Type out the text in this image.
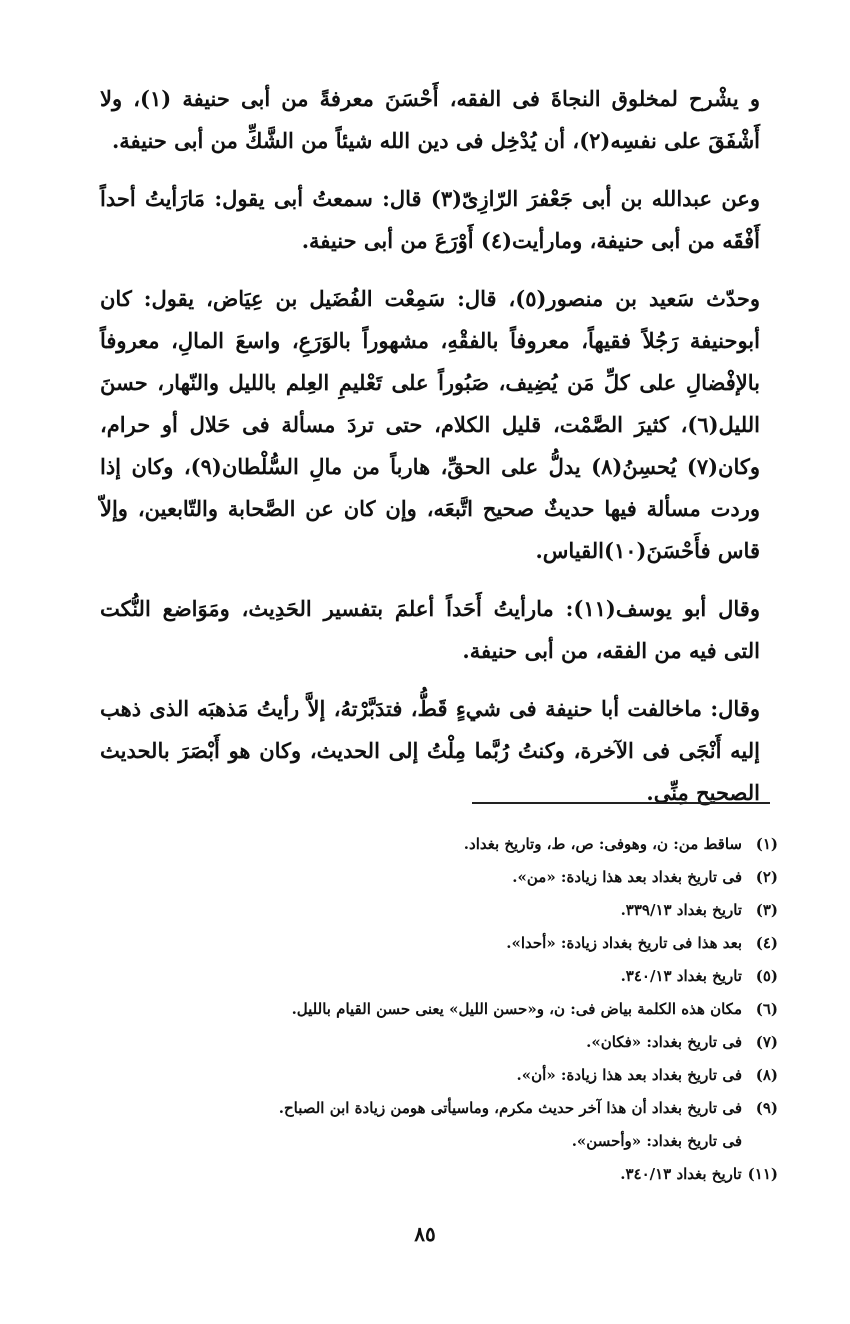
و يشْرح لمخلوق النجاةَ فى الفقه، أَحْسَنَ معرفةً من أبى حنيفة (١)، ولا أَشْفَقَ على نفسِه(٢)، أن يُدْخِل فى دين الله شيئاً من الشَّكِّ من أبى حنيفة.

وعن عبدالله بن أبى جَعْفرَ الرّازِىّ(٣) قال: سمعتُ أبى يقول: مَارَأيتُ أحداً أَفْقَه من أبى حنيفة، ومارأيت(٤) أَوْرَعَ من أبى حنيفة.

وحدّث سَعيد بن منصور(٥)، قال: سَمِعْت الفُضَيل بن عِيَاض، يقول: كان أبوحنيفة رَجُلاً فقيهاً، معروفاً بالفقْهِ، مشهوراً بالوَرَعِ، واسعَ المالِ، معروفاً بالإفْضالِ على كلِّ مَن يُضِيف، صَبُوراً على تَعْليمِ العِلم بالليل والنّهار، حسنَ الليل(٦)، كثيرَ الصَّمْت، قليل الكلام، حتى تردَ مسألة فى حَلال أو حرام، وكان(٧) يُحسِنُ(٨) يدلُّ على الحقِّ، هارباً من مالِ السُّلْطان(٩)، وكان إذا وردت مسألة فيها حديثٌ صحيح اتَّبعَه، وإن كان عن الصَّحابة والتّابعين، وإلاّ قاس فأَحْسَنَ(١٠)القياس.

وقال أبو يوسف(١١): مارأيتُ أَحَداً أعلمَ بتفسير الحَدِيث، ومَوَاضع النُّكت التى فيه من الفقه، من أبى حنيفة.

وقال: ماخالفت أبا حنيفة فى شيءٍ قَطُّ، فتدَبَّرْتهُ، إلاَّ رأيتُ مَذهبَه الذى ذهب إليه أَنْجَى فى الآخرة، وكنتُ رُبَّما مِلْتُ إلى الحديث، وكان هو أَبْصَرَ بالحديث الصحيح مِنِّى.

(١)ساقط من: ن، وهوفى: ص، ط، وتاريخ بغداد.
(٢)فى تاريخ بغداد بعد هذا زيادة: «من».
(٣)تاريخ بغداد ٣٣٩/١٣.
(٤)بعد هذا فى تاريخ بغداد زيادة: «أحدا».
(٥)تاريخ بغداد ٣٤٠/١٣.
(٦)مكان هذه الكلمة بياض فى: ن، و«حسن الليل» يعنى حسن القيام بالليل.
(٧)فى تاريخ بغداد: «فكان».
(٨)فى تاريخ بغداد بعد هذا زيادة: «أن».
(٩)فى تاريخ بغداد أن هذا آخر حديث مكرم، وماسيأتى هومن زيادة ابن الصباح.
فى تاريخ بغداد: «وأحسن».
(١١)تاريخ بغداد ٣٤٠/١٣.
٨٥
